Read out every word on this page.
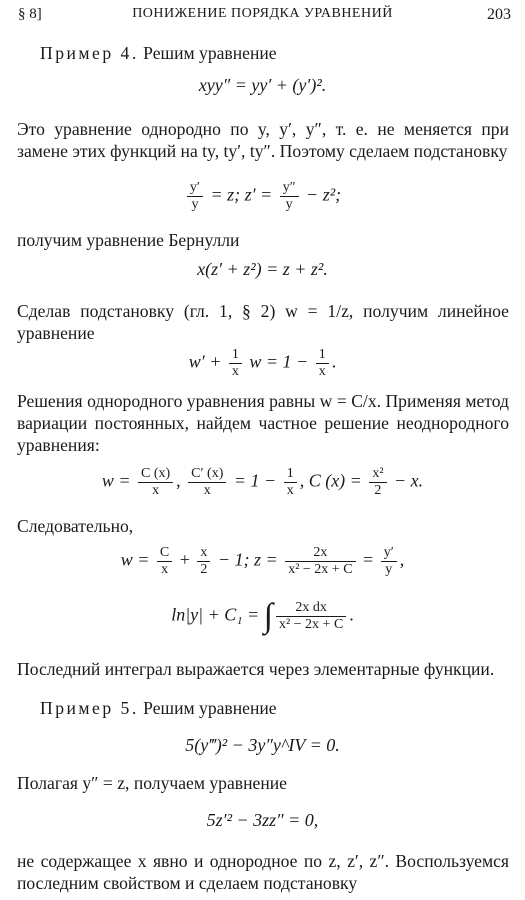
§ 8]	ПОНИЖЕНИЕ ПОРЯДКА УРАВНЕНИЙ	203
Пример 4. Решим уравнение
xyy″ = yy′ + (y′)².
Это уравнение однородно по y, y′, y″, т. е. не меняется при замене этих функций на ty, ty′, ty″. Поэтому сделаем подстановку
$\frac{y'}{y} = z$; $z' = \frac{y''}{y} - z^2$;
получим уравнение Бернулли
x(z′ + z²) = z + z².
Сделав подстановку (гл. 1, § 2) w = 1/z, получим линейное уравнение
$w' + \frac{1}{x}$ $w = 1 - \frac{1}{x}$ .
Решения однородного уравнения равны w = C/x. Применяя метод вариации постоянных, найдем частное решение неоднородного уравнения:
$w = \frac{C (x)}{x}$ , $\frac{C' (x)}{x} = 1 - \frac{1}{x}$ , C $(x) = \frac{\text{x²}}{2} - x$.
Следовательно,
$w = \frac{C}{x} + \frac{x}{2} - 1$; $z = \frac{2x}{\text{x² − 2x + C}} = \frac{y'}{y}$ ,
ln|y| + C₁ = ∫ $\frac{\text{2x dx}}{\text{x² − 2x + C}}$ .
Последний интеграл выражается через элементарные функции.
Пример 5. Решим уравнение
5(y‴)² − 3y″y^IV = 0.
Полагая y″ = z, получаем уравнение
5z′² − 3zz″ = 0,
не содержащее x явно и однородное по z, z′, z″. Воспользуемся последним свойством и сделаем подстановку
